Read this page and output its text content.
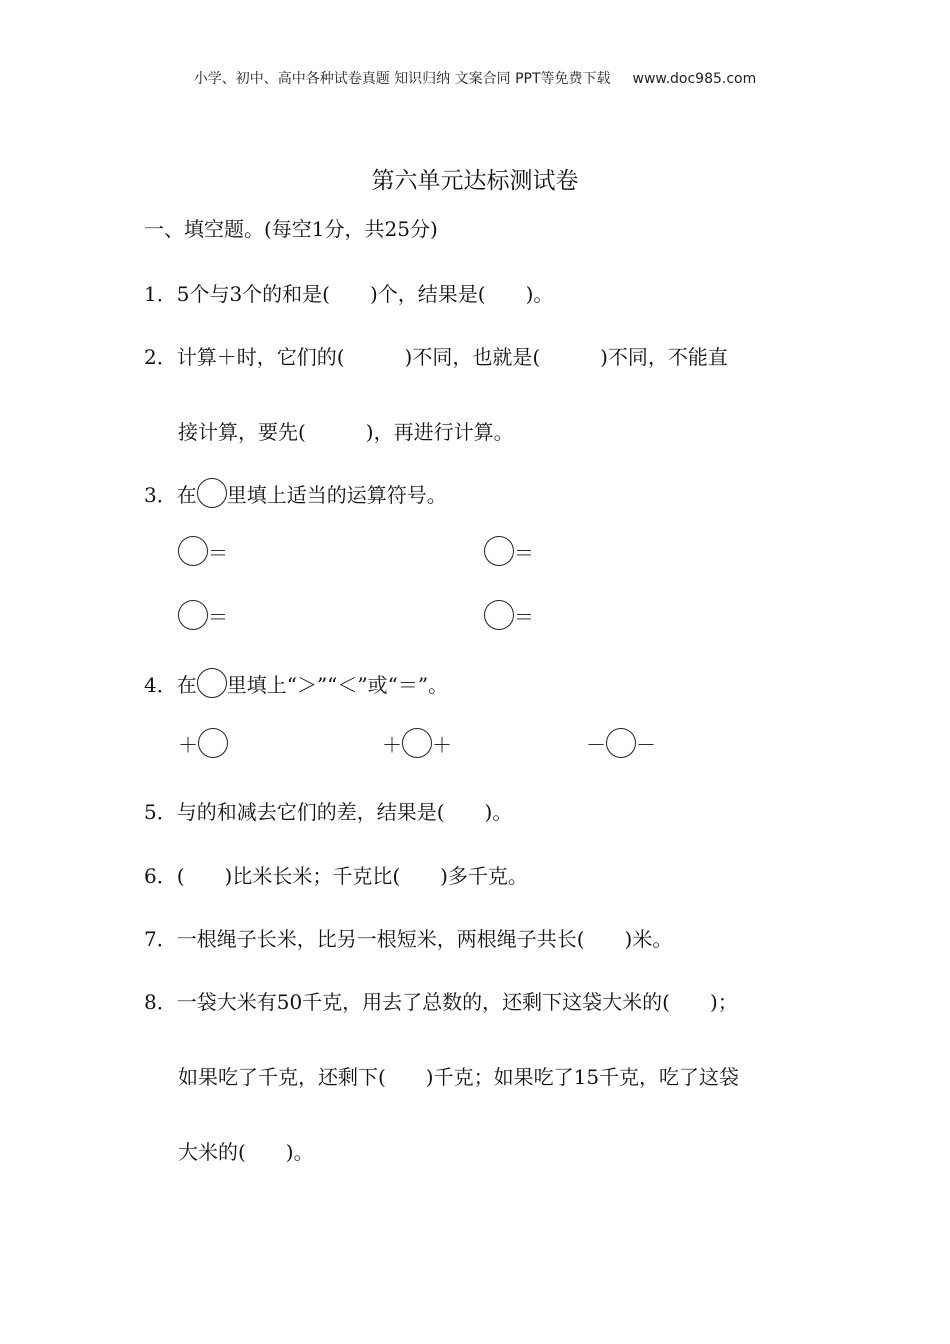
小学、初中、高中各种试卷真题 知识归纳 文案合同 PPT等免费下载 www.doc985.com
第六单元达标测试卷
一、填空题。(每空1分，共25分)
1．5个与3个的和是(　　)个，结果是(　　)。
2．计算＋时，它们的(　　　)不同，也就是(　　　)不同，不能直
接计算，要先(　　　)，再进行计算。
3．在 里填上适当的运算符号。
＝	＝
＝	＝
4．在 里填上“＞”“＜”或“＝”。
＋	＋ ＋	－ －
5．与的和减去它们的差，结果是(　　)。
6．(　　)比米长米；千克比(　　)多千克。
7．一根绳子长米，比另一根短米，两根绳子共长(　　)米。
8．一袋大米有50千克，用去了总数的，还剩下这袋大米的(　　)；
如果吃了千克，还剩下(　　)千克；如果吃了15千克，吃了这袋
大米的(　　)。
